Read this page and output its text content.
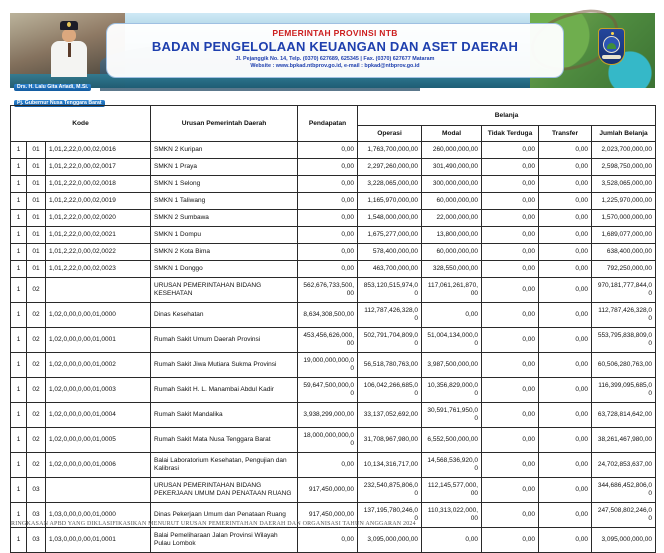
Drs. H. Lalu Gita Ariadi, M.Si.
Pj. Gubernur Nusa Tenggara Barat
PEMERINTAH PROVINSI NTB
BADAN PENGELOLAAN KEUANGAN DAN ASET DAERAH
Jl. Pejanggik No. 14, Telp. (0370) 627689, 625345 | Fax. (0370) 627677 Mataram
Website : www.bpkad.ntbprov.go.id, e-mail : bpkad@ntbprov.go.id
Kode			Urusan Pemerintah Daerah	Pendapatan	Belanja				
					Operasi	Modal	Tidak Terduga	Transfer	Jumlah Belanja
1	01	1,01,2,22,0,00,02,0016	SMKN 2 Kuripan	0,00	1,763,700,000,00	260,000,000,00	0,00	0,00	2,023,700,000,00
1	01	1,01,2,22,0,00,02,0017	SMKN 1 Praya	0,00	2,297,260,000,00	301,490,000,00	0,00	0,00	2,598,750,000,00
1	01	1,01,2,22,0,00,02,0018	SMKN 1 Selong	0,00	3,228,065,000,00	300,000,000,00	0,00	0,00	3,528,065,000,00
1	01	1,01,2,22,0,00,02,0019	SMKN 1 Taliwang	0,00	1,165,970,000,00	60,000,000,00	0,00	0,00	1,225,970,000,00
1	01	1,01,2,22,0,00,02,0020	SMKN 2 Sumbawa	0,00	1,548,000,000,00	22,000,000,00	0,00	0,00	1,570,000,000,00
1	01	1,01,2,22,0,00,02,0021	SMKN 1 Dompu	0,00	1,675,277,000,00	13,800,000,00	0,00	0,00	1,689,077,000,00
1	01	1,01,2,22,0,00,02,0022	SMKN 2 Kota Bima	0,00	578,400,000,00	60,000,000,00	0,00	0,00	638,400,000,00
1	01	1,01,2,22,0,00,02,0023	SMKN 1 Donggo	0,00	463,700,000,00	328,550,000,00	0,00	0,00	792,250,000,00
1	02		URUSAN PEMERINTAHAN BIDANG KESEHATAN	562,676,733,500,00	853,120,515,974,00	117,061,261,870,00	0,00	0,00	970,181,777,844,00
1	02	1,02,0,00,0,00,01,0000	Dinas Kesehatan	8,634,308,500,00	112,787,426,328,00	0,00	0,00	0,00	112,787,426,328,00
1	02	1,02,0,00,0,00,01,0001	Rumah Sakit Umum Daerah Provinsi	453,456,626,000,00	502,791,704,809,00	51,004,134,000,00	0,00	0,00	553,795,838,809,00
1	02	1,02,0,00,0,00,01,0002	Rumah Sakit Jiwa Mutiara Sukma Provinsi	19,000,000,000,00	56,518,780,763,00	3,987,500,000,00	0,00	0,00	60,506,280,763,00
1	02	1,02,0,00,0,00,01,0003	Rumah Sakit H. L. Manambai Abdul Kadir	59,647,500,000,00	106,042,266,685,00	10,356,829,000,00	0,00	0,00	116,399,095,685,00
1	02	1,02,0,00,0,00,01,0004	Rumah Sakit Mandalika	3,938,299,000,00	33,137,052,692,00	30,591,761,950,00	0,00	0,00	63,728,814,642,00
1	02	1,02,0,00,0,00,01,0005	Rumah Sakit Mata Nusa Tenggara Barat	18,000,000,000,00	31,708,967,980,00	6,552,500,000,00	0,00	0,00	38,261,467,980,00
1	02	1,02,0,00,0,00,01,0006	Balai Laboratorium Kesehatan, Pengujian dan Kalibrasi	0,00	10,134,316,717,00	14,568,536,920,00	0,00	0,00	24,702,853,637,00
1	03		URUSAN PEMERINTAHAN BIDANG PEKERJAAN UMUM DAN PENATAAN RUANG	917,450,000,00	232,540,875,806,00	112,145,577,000,00	0,00	0,00	344,686,452,806,00
1	03	1,03,0,00,0,00,01,0000	Dinas Pekerjaan Umum dan Penataan Ruang	917,450,000,00	137,195,780,246,00	110,313,022,000,00	0,00	0,00	247,508,802,246,00
1	03	1,03,0,00,0,00,01,0001	Balai Pemeliharaan Jalan Provinsi Wilayah Pulau Lombok	0,00	3,095,000,000,00	0,00	0,00	0,00	3,095,000,000,00
RINGKASAN APBD YANG DIKLASIFIKASIKAN MENURUT URUSAN PEMERINTAHAN DAERAH DAN ORGANISASI TAHUN ANGGARAN 2024
